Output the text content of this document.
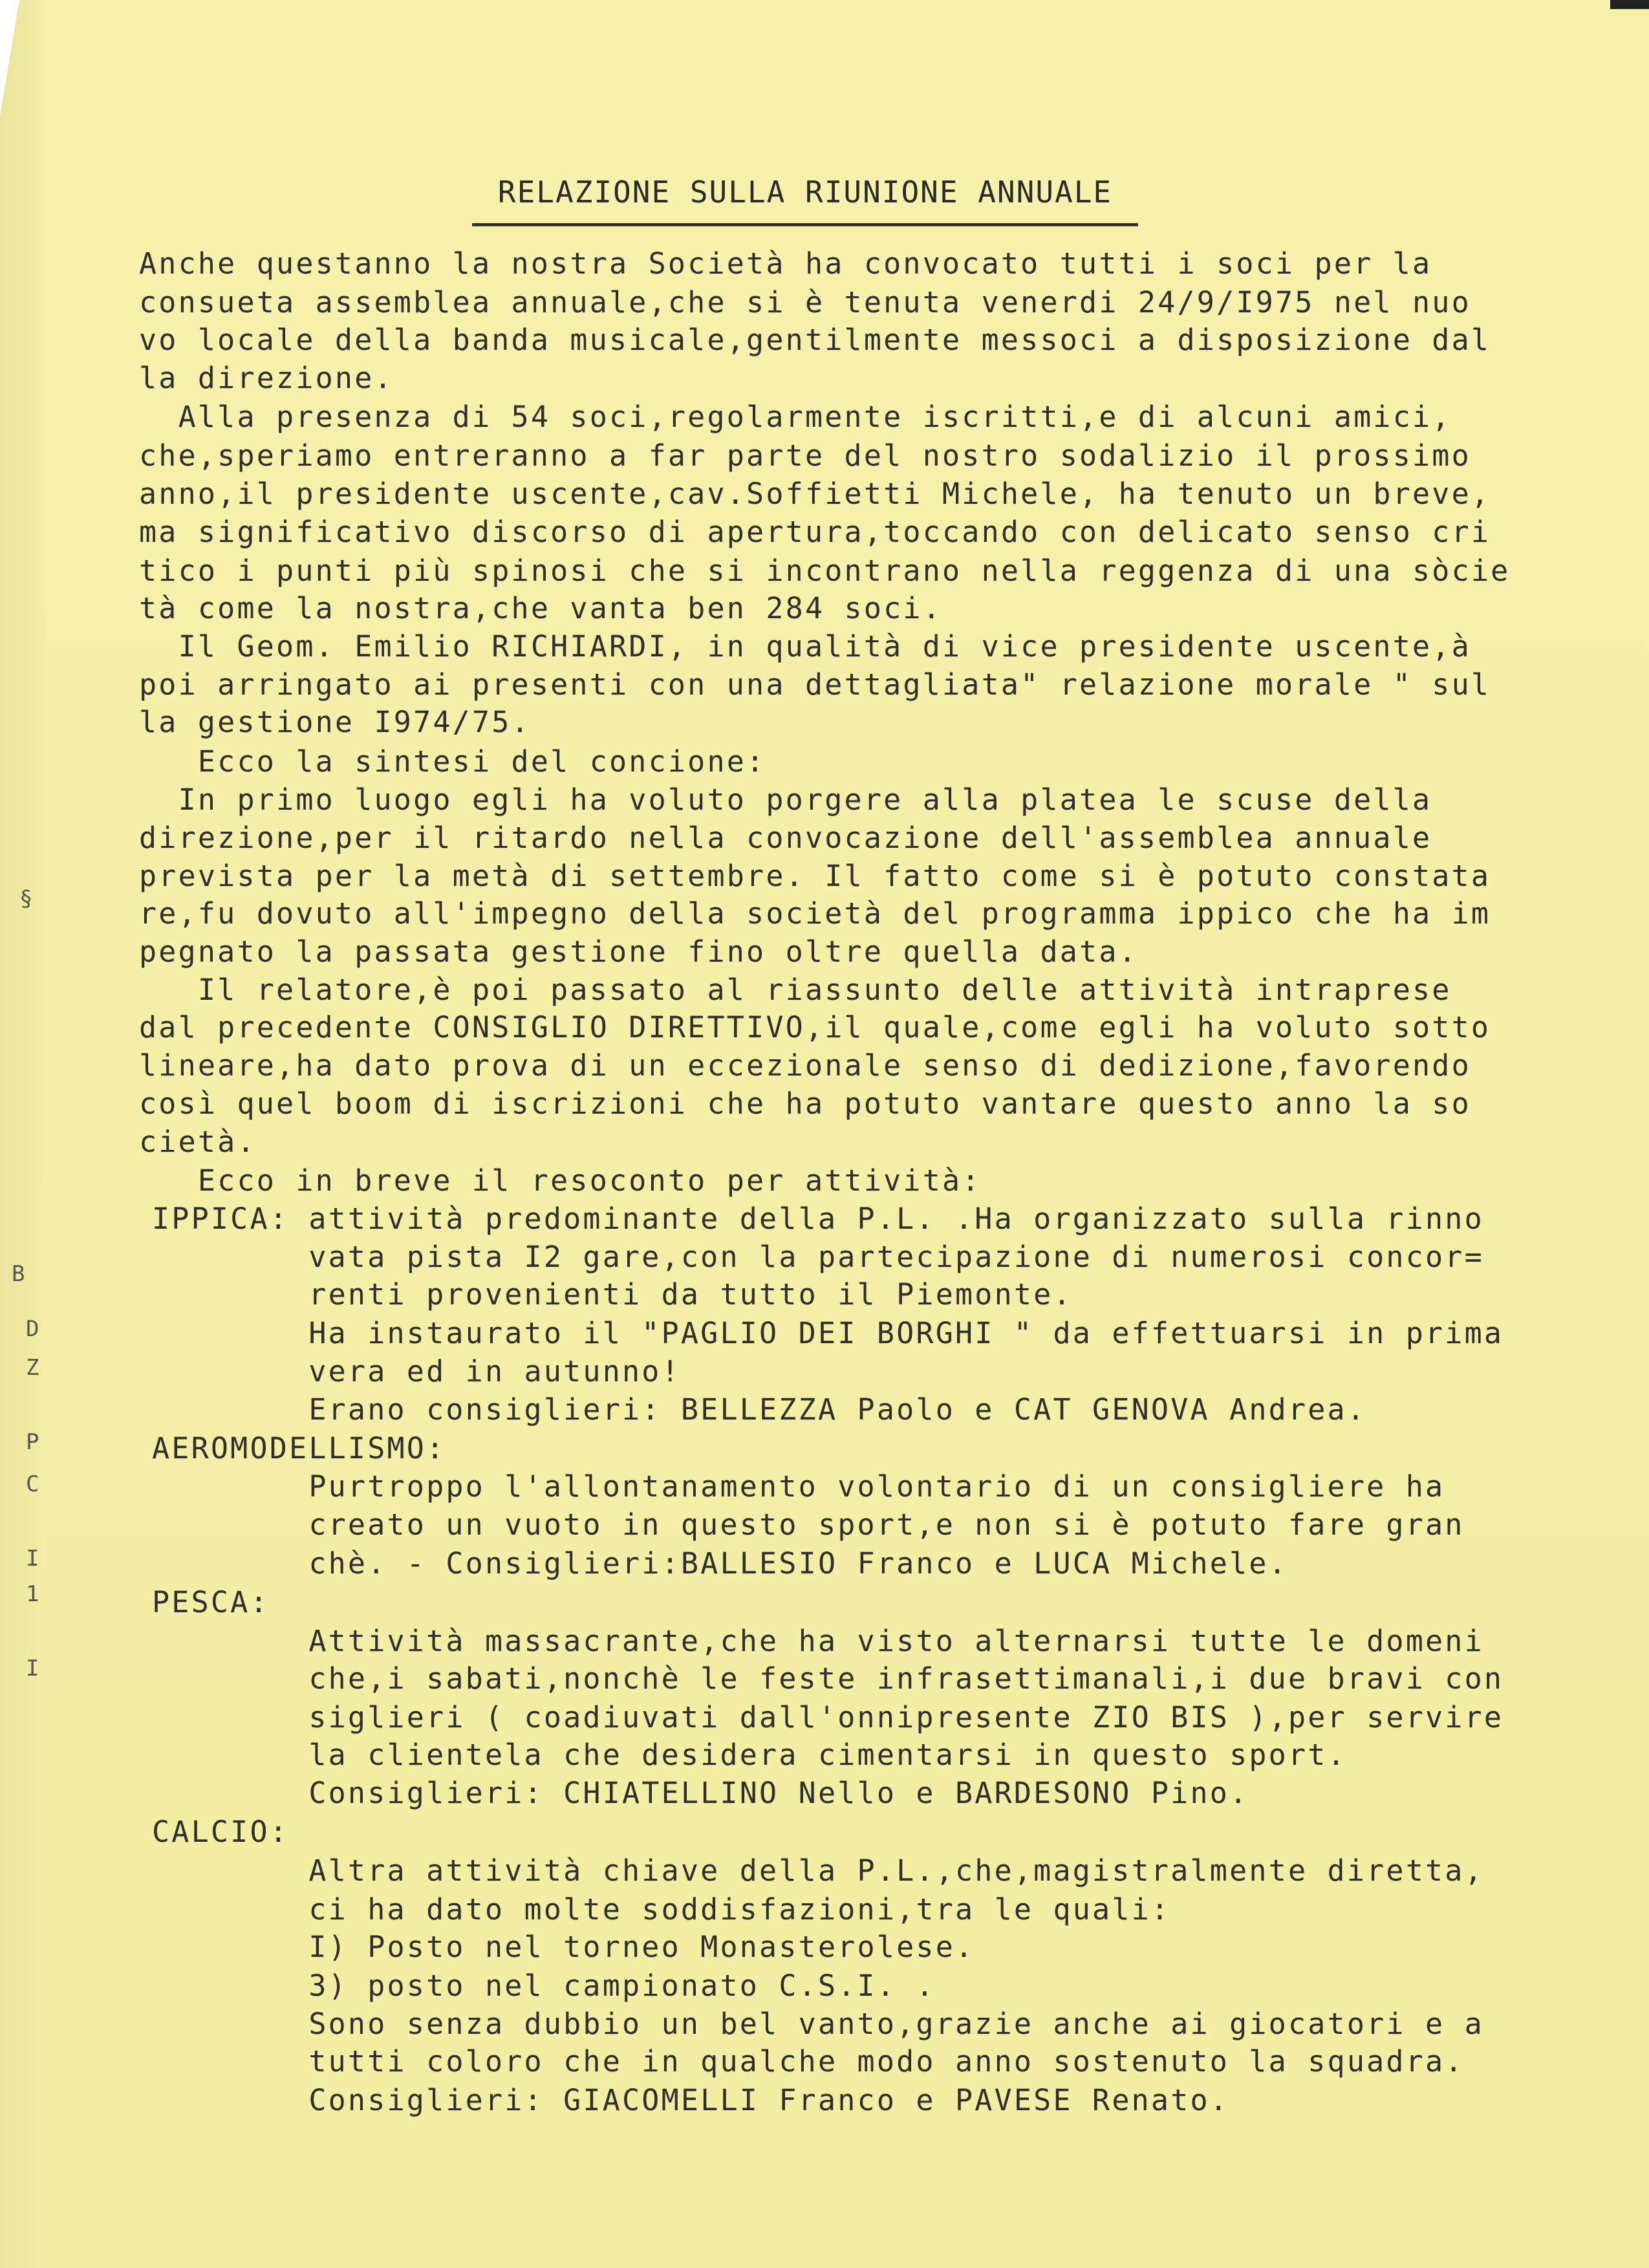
B
D
Z
P
C
I
1
I
§
RELAZIONE SULLA RIUNIONE ANNUALE
Anche questanno la nostra Società ha convocato tutti i soci per la
consueta assemblea annuale,che si è tenuta venerdi 24/9/I975 nel nuo
vo locale della banda musicale,gentilmente messoci a disposizione dal
la direzione.
Alla presenza di 54 soci,regolarmente iscritti,e di alcuni amici,
che,speriamo entreranno a far parte del nostro sodalizio il prossimo
anno,il presidente uscente,cav.Soffietti Michele, ha tenuto un breve,
ma significativo discorso di apertura,toccando con delicato senso cri
tico i punti più spinosi che si incontrano nella reggenza di una sòcie
tà come la nostra,che vanta ben 284 soci.
Il Geom. Emilio RICHIARDI, in qualità di vice presidente uscente,à
poi arringato ai presenti con una dettagliata" relazione morale " sul
la gestione I974/75.
Ecco la sintesi del concione:
In primo luogo egli ha voluto porgere alla platea le scuse della
direzione,per il ritardo nella convocazione dell'assemblea annuale
prevista per la metà di settembre. Il fatto come si è potuto constata
re,fu dovuto all'impegno della società del programma ippico che ha im
pegnato la passata gestione fino oltre quella data.
Il relatore,è poi passato al riassunto delle attività intraprese
dal precedente CONSIGLIO DIRETTIVO,il quale,come egli ha voluto sotto
lineare,ha dato prova di un eccezionale senso di dedizione,favorendo
così quel boom di iscrizioni che ha potuto vantare questo anno la so
cietà.
Ecco in breve il resoconto per attività:
IPPICA: attività predominante della P.L. .Ha organizzato sulla rinno
vata pista I2 gare,con la partecipazione di numerosi concor=
renti provenienti da tutto il Piemonte.
Ha instaurato il "PAGLIO DEI BORGHI " da effettuarsi in prima
vera ed in autunno!
Erano consiglieri: BELLEZZA Paolo e CAT GENOVA Andrea.
AEROMODELLISMO:
Purtroppo l'allontanamento volontario di un consigliere ha
creato un vuoto in questo sport,e non si è potuto fare gran
chè. - Consiglieri:BALLESIO Franco e LUCA Michele.
PESCA:
Attività massacrante,che ha visto alternarsi tutte le domeni
che,i sabati,nonchè le feste infrasettimanali,i due bravi con
siglieri ( coadiuvati dall'onnipresente ZIO BIS ),per servire
la clientela che desidera cimentarsi in questo sport.
Consiglieri: CHIATELLINO Nello e BARDESONO Pino.
CALCIO:
Altra attività chiave della P.L.,che,magistralmente diretta,
ci ha dato molte soddisfazioni,tra le quali:
I) Posto nel torneo Monasterolese.
3) posto nel campionato C.S.I. .
Sono senza dubbio un bel vanto,grazie anche ai giocatori e a
tutti coloro che in qualche modo anno sostenuto la squadra.
Consiglieri: GIACOMELLI Franco e PAVESE Renato.
